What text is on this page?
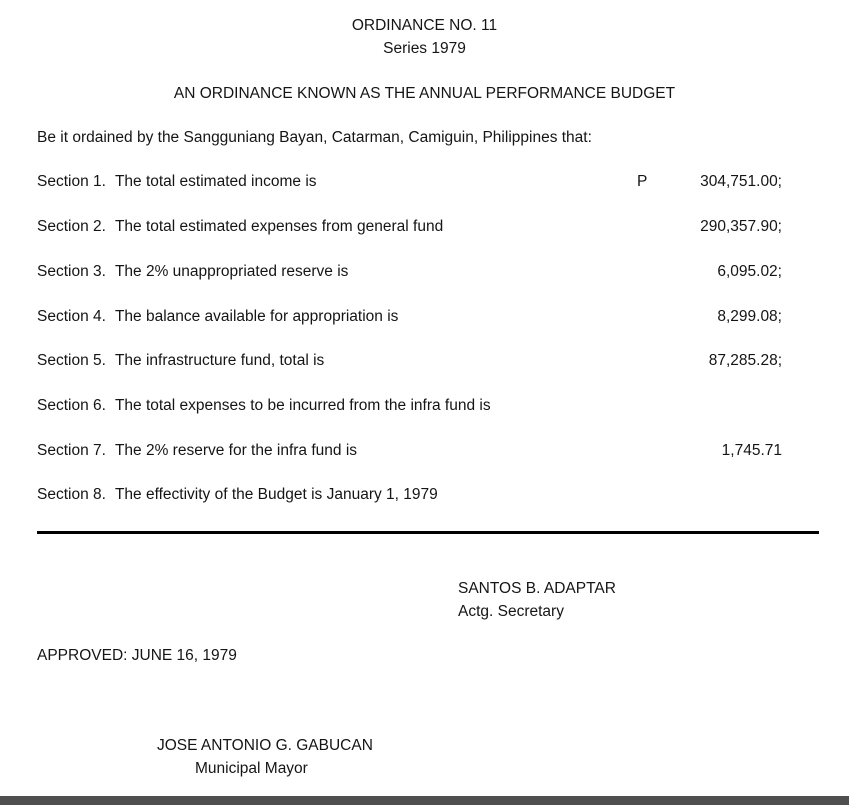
ORDINANCE NO. 11
Series 1979
AN ORDINANCE KNOWN AS THE ANNUAL PERFORMANCE BUDGET
Be it ordained by the Sangguniang Bayan, Catarman, Camiguin, Philippines that:
Section 1. The total estimated income is	P	304,751.00;
Section 2. The total estimated expenses from general fund	290,357.90;
Section 3. The 2% unappropriated reserve is	6,095.02;
Section 4. The balance available for appropriation is	8,299.08;
Section 5. The infrastructure fund, total is	87,285.28;
Section 6. The total expenses to be incurred from the infra fund is
Section 7. The 2% reserve for the infra fund is	1,745.71
Section 8. The effectivity of the Budget is January 1, 1979
SANTOS B. ADAPTAR
Actg. Secretary
APPROVED: JUNE 16, 1979
JOSE ANTONIO G. GABUCAN
Municipal Mayor
